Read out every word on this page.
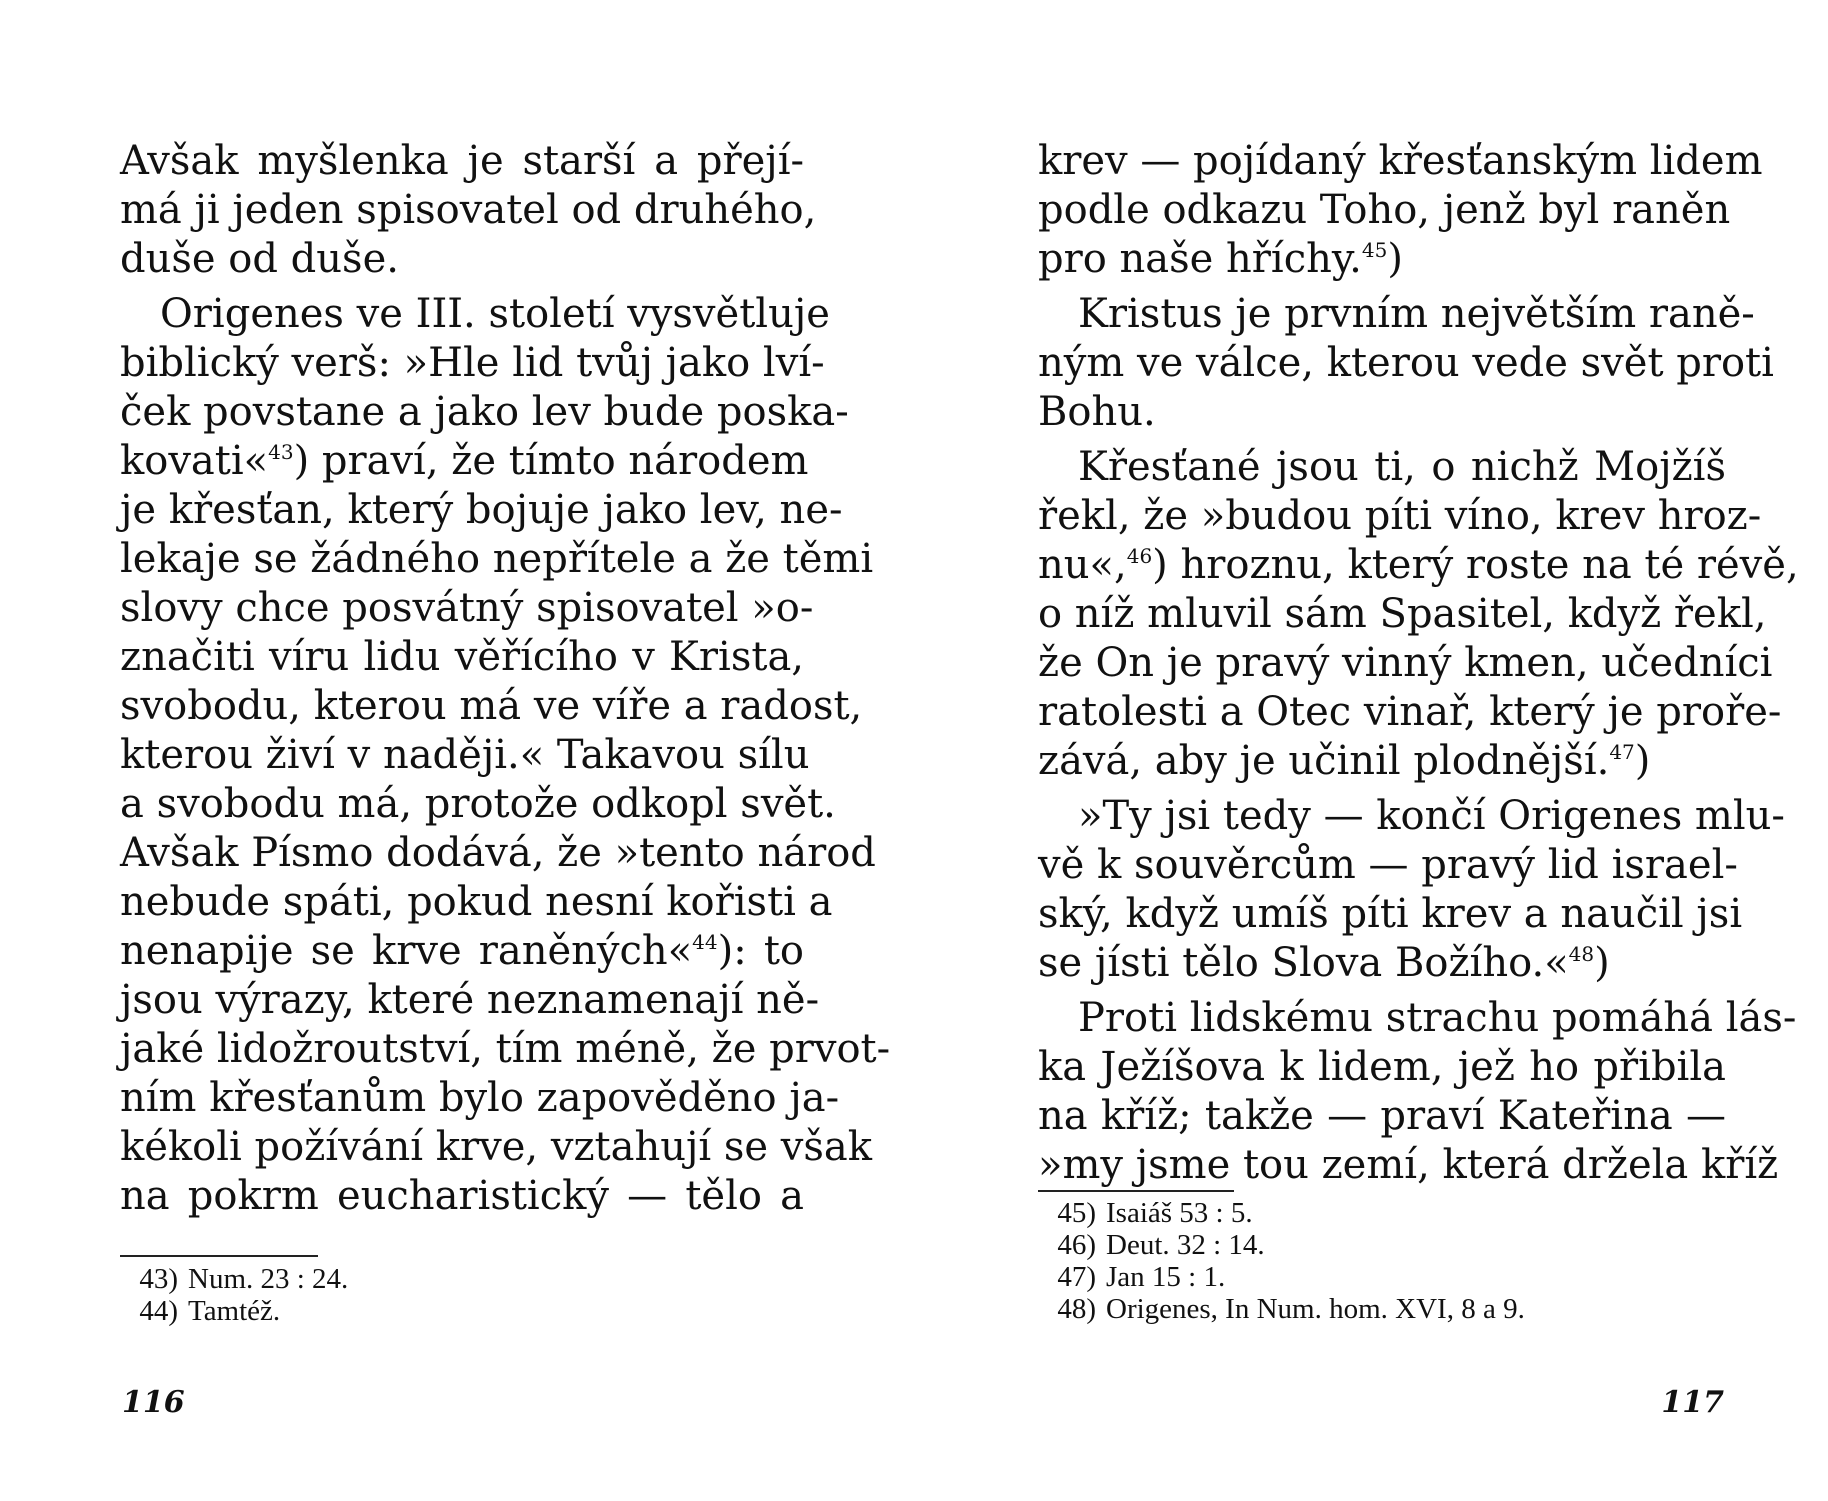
Avšak myšlenka je starší a přejí-
má ji jeden spisovatel od druhého,
duše od duše.
Origenes ve III. století vysvětluje
biblický verš: »Hle lid tvůj jako lví-
ček povstane a jako lev bude poska-
kovati«$^{43}$) praví, že tímto národem
je křesťan, který bojuje jako lev, ne-
lekaje se žádného nepřítele a že těmi
slovy chce posvátný spisovatel »o-
značiti víru lidu věřícího v Krista,
svobodu, kterou má ve víře a radost,
kterou živí v naději.« Takavou sílu
a svobodu má, protože odkopl svět.
Avšak Písmo dodává, že »tento národ
nebude spáti, pokud nesní kořisti a
nenapije se krve raněných«$^{44}$): to
jsou výrazy, které neznamenají ně-
jaké lidožroutství, tím méně, že prvot-
ním křesťanům bylo zapověděno ja-
kékoli požívání krve, vztahují se však
na pokrm eucharistický — tělo a
43) Num. 23 : 24.
44) Tamtéž.
116
krev — pojídaný křesťanským lidem
podle odkazu Toho, jenž byl raněn
pro naše hříchy.$^{45}$)
Kristus je prvním největším raně-
ným ve válce, kterou vede svět proti
Bohu.
Křesťané jsou ti, o nichž Mojžíš
řekl, že »budou píti víno, krev hroz-
nu«,$^{46}$) hroznu, který roste na té révě,
o níž mluvil sám Spasitel, když řekl,
že On je pravý vinný kmen, učedníci
ratolesti a Otec vinař, který je proře-
zává, aby je učinil plodnější.$^{47}$)
»Ty jsi tedy — končí Origenes mlu-
vě k souvěrcům — pravý lid israel-
ský, když umíš píti krev a naučil jsi
se jísti tělo Slova Božího.«$^{48}$)
Proti lidskému strachu pomáhá lás-
ka Ježíšova k lidem, jež ho přibila
na kříž; takže — praví Kateřina —
»my jsme tou zemí, která držela kříž
45) Isaiáš 53 : 5.
46) Deut. 32 : 14.
47) Jan 15 : 1.
48) Origenes, In Num. hom. XVI, 8 a 9.
117
